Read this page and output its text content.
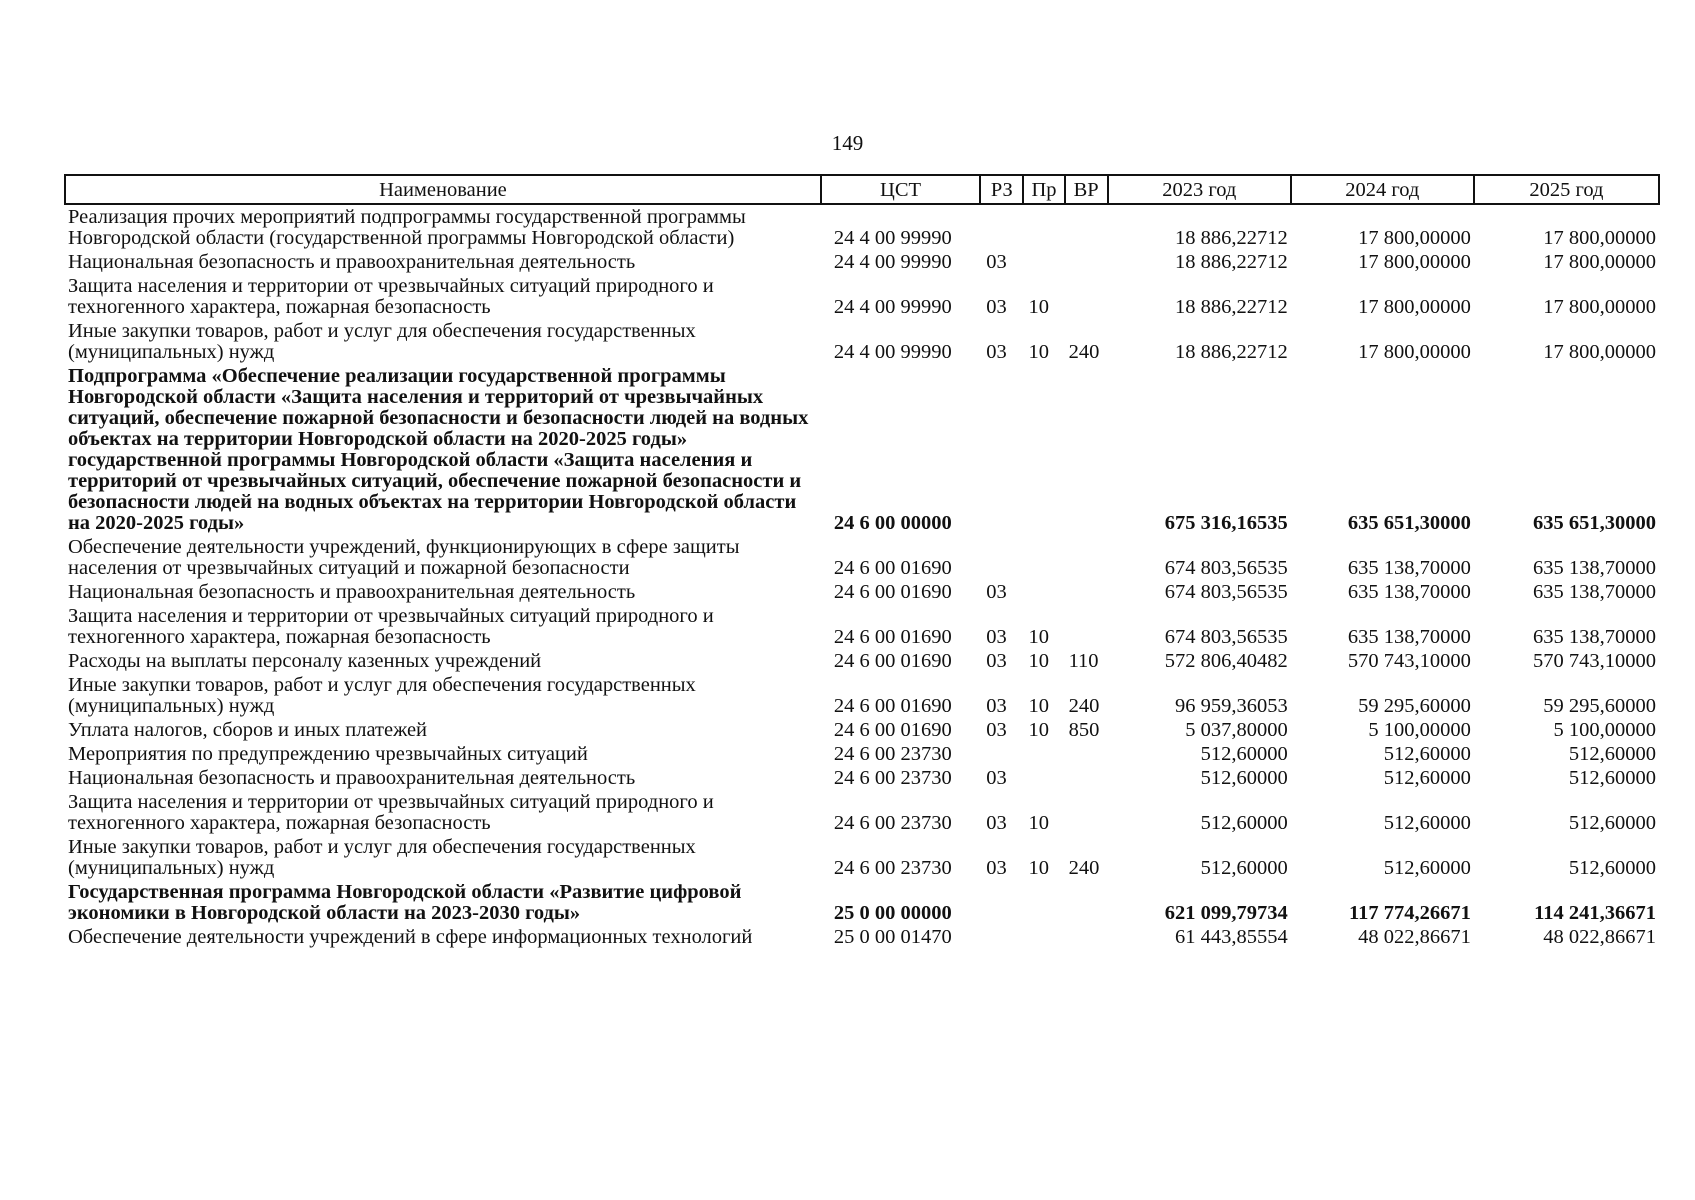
149
Наименование	ЦСТ	РЗ	Пр	ВР	2023 год	2024 год	2025 год
Реализация прочих мероприятий подпрограммы государственной программы Новгородской области (государственной программы Новгородской области)	24 4 00 99990				18 886,22712	17 800,00000	17 800,00000
Национальная безопасность и правоохранительная деятельность	24 4 00 99990	03			18 886,22712	17 800,00000	17 800,00000
Защита населения и территории от чрезвычайных ситуаций природного и техногенного характера, пожарная безопасность	24 4 00 99990	03	10		18 886,22712	17 800,00000	17 800,00000
Иные закупки товаров, работ и услуг для обеспечения государственных (муниципальных) нужд	24 4 00 99990	03	10	240	18 886,22712	17 800,00000	17 800,00000
Подпрограмма «Обеспечение реализации государственной программы Новгородской области «Защита населения и территорий от чрезвычайных ситуаций, обеспечение пожарной безопасности и безопасности людей на водных объектах на территории Новгородской области на 2020-2025 годы» государственной программы Новгородской области «Защита населения и территорий от чрезвычайных ситуаций, обеспечение пожарной безопасности и безопасности людей на водных объектах на территории Новгородской области на 2020-2025 годы»	24 6 00 00000				675 316,16535	635 651,30000	635 651,30000
Обеспечение деятельности учреждений, функционирующих в сфере защиты населения от чрезвычайных ситуаций и пожарной безопасности	24 6 00 01690				674 803,56535	635 138,70000	635 138,70000
Национальная безопасность и правоохранительная деятельность	24 6 00 01690	03			674 803,56535	635 138,70000	635 138,70000
Защита населения и территории от чрезвычайных ситуаций природного и техногенного характера, пожарная безопасность	24 6 00 01690	03	10		674 803,56535	635 138,70000	635 138,70000
Расходы на выплаты персоналу казенных учреждений	24 6 00 01690	03	10	110	572 806,40482	570 743,10000	570 743,10000
Иные закупки товаров, работ и услуг для обеспечения государственных (муниципальных) нужд	24 6 00 01690	03	10	240	96 959,36053	59 295,60000	59 295,60000
Уплата налогов, сборов и иных платежей	24 6 00 01690	03	10	850	5 037,80000	5 100,00000	5 100,00000
Мероприятия по предупреждению чрезвычайных ситуаций	24 6 00 23730				512,60000	512,60000	512,60000
Национальная безопасность и правоохранительная деятельность	24 6 00 23730	03			512,60000	512,60000	512,60000
Защита населения и территории от чрезвычайных ситуаций природного и техногенного характера, пожарная безопасность	24 6 00 23730	03	10		512,60000	512,60000	512,60000
Иные закупки товаров, работ и услуг для обеспечения государственных (муниципальных) нужд	24 6 00 23730	03	10	240	512,60000	512,60000	512,60000
Государственная программа Новгородской области «Развитие цифровой экономики в Новгородской области на 2023-2030 годы»	25 0 00 00000				621 099,79734	117 774,26671	114 241,36671
Обеспечение деятельности учреждений в сфере информационных технологий	25 0 00 01470				61 443,85554	48 022,86671	48 022,86671
